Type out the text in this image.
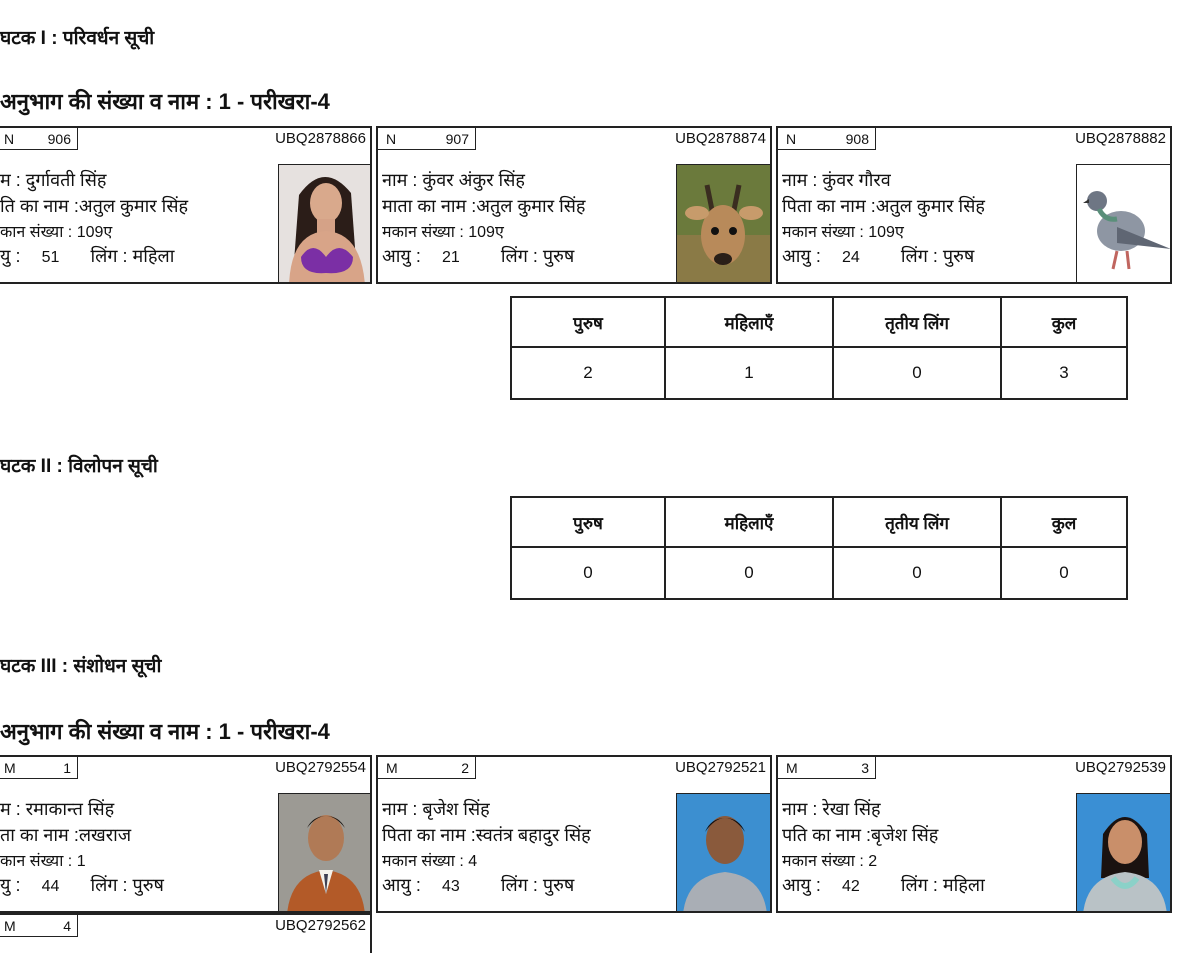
घटक I : परिवर्धन सूची
अनुभाग की संख्या व नाम : 1 - परीखरा-4
N 906	UBQ2878866
म : दुर्गावती सिंह
ति का नाम :अतुल कुमार सिंह
कान संख्या : 109ए
यु : 51 लिंग : महिला
N	907	UBQ2878874
नाम : कुंवर अंकुर सिंह
माता का नाम :अतुल कुमार सिंह
मकान संख्या : 109ए
आयु : 21 लिंग : पुरुष
N	908	UBQ2878882
नाम : कुंवर गौरव
पिता का नाम :अतुल कुमार सिंह
मकान संख्या : 109ए
आयु : 24 लिंग : पुरुष
पुरुष	महिलाएँ	तृतीय लिंग	कुल
2	1	0	3
घटक II : विलोपन सूची
पुरुष	महिलाएँ	तृतीय लिंग	कुल
0	0	0	0
घटक III : संशोधन सूची
अनुभाग की संख्या व नाम : 1 - परीखरा-4
M	1	UBQ2792554
म : रमाकान्त सिंह
ता का नाम :लखराज
कान संख्या : 1
यु : 44 लिंग : पुरुष
M	2	UBQ2792521
नाम : बृजेश सिंह
पिता का नाम :स्वतंत्र बहादुर सिंह
मकान संख्या : 4
आयु : 43 लिंग : पुरुष
M	3	UBQ2792539
नाम : रेखा सिंह
पति का नाम :बृजेश सिंह
मकान संख्या : 2
आयु : 42 लिंग : महिला
M	4	UBQ2792562
